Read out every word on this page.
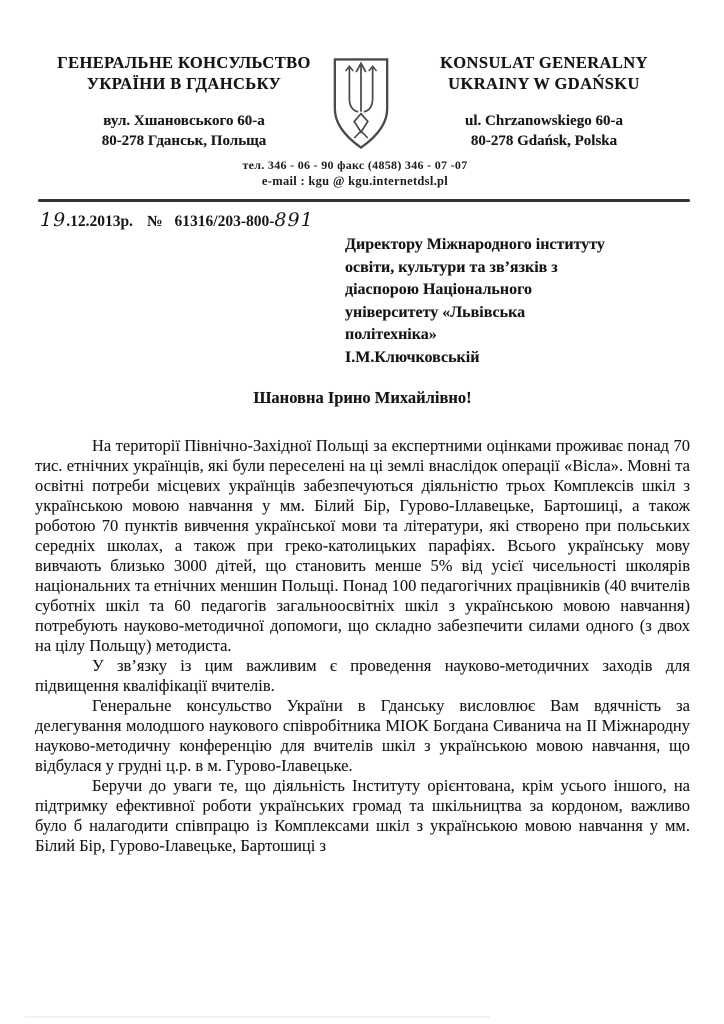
ГЕНЕРАЛЬНЕ КОНСУЛЬСТВО
УКРАЇНИ В ГДАНСЬКУ
вул. Хшановського 60-а
80-278 Гданськ, Польща
KONSULAT GENERALNY
UKRAINY W GDAŃSKU
ul. Chrzanowskiego 60-a
80-278 Gdańsk, Polska
тел. 346 - 06 - 90 факс (4858) 346 - 07 -07
e-mail : kgu @ kgu.internetdsl.pl
19.12.2013р. № 61316/203-800-891
Директору Міжнародного інституту
освіти, культури та зв’язків з
діаспорою Національного
університету «Львівська
політехніка»
І.М.Ключковській
Шановна Ірино Михайлівно!

На території Північно-Західної Польщі за експертними оцінками проживає понад 70 тис. етнічних українців, які були переселені на ці землі внаслідок операції «Вісла». Мовні та освітні потреби місцевих українців забезпечуються діяльністю трьох Комплексів шкіл з українською мовою навчання у мм. Білий Бір, Гурово-Іллавецьке, Бартошиці, а також роботою 70 пунктів вивчення української мови та літератури, які створено при польських середніх школах, а також при греко-католицьких парафіях. Всього українську мову вивчають близько 3000 дітей, що становить менше 5% від усієї чисельності школярів національних та етнічних меншин Польщі. Понад 100 педагогічних працівників (40 вчителів суботніх шкіл та 60 педагогів загальноосвітніх шкіл з українською мовою навчання) потребують науково-методичної допомоги, що складно забезпечити силами одного (з двох на цілу Польщу) методиста.

У зв’язку із цим важливим є проведення науково-методичних заходів для підвищення кваліфікації вчителів.

Генеральне консульство України в Гданську висловлює Вам вдячність за делегування молодшого наукового співробітника МІОК Богдана Сиванича на ІІ Міжнародну науково-методичну конференцію для вчителів шкіл з українською мовою навчання, що відбулася у грудні ц.р. в м. Гурово-Ілавецьке.

Беручи до уваги те, що діяльність Інституту орієнтована, крім усього іншого, на підтримку ефективної роботи українських громад та шкільництва за кордоном, важливо було б налагодити співпрацю із Комплексами шкіл з українською мовою навчання у мм. Білий Бір, Гурово-Ілавецьке, Бартошиці з
